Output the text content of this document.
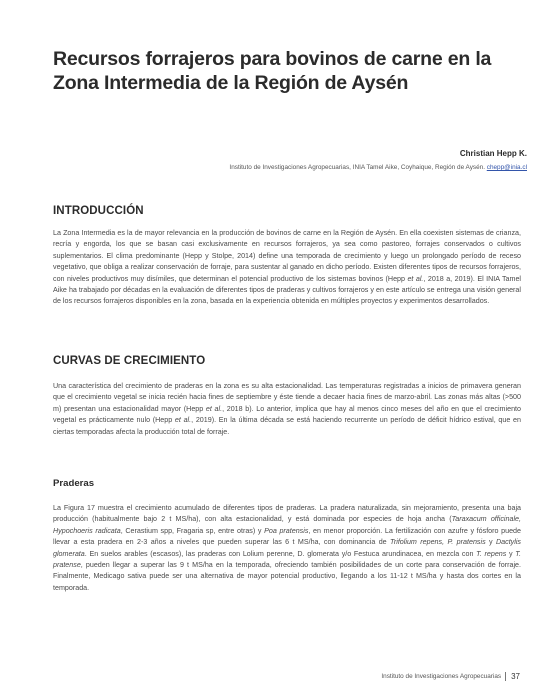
Recursos forrajeros para bovinos de carne en la Zona Intermedia de la Región de Aysén
Christian Hepp K.
Instituto de Investigaciones Agropecuarias, INIA Tamel Aike, Coyhaique, Región de Aysén. chepp@inia.cl
INTRODUCCIÓN

La Zona Intermedia es la de mayor relevancia en la producción de bovinos de carne en la Región de Aysén. En ella coexisten sistemas de crianza, recría y engorda, los que se basan casi exclusivamente en recursos forrajeros, ya sea como pastoreo, forrajes conservados o cultivos suplementarios. El clima predominante (Hepp y Stolpe, 2014) define una temporada de crecimiento y luego un prolongado período de receso vegetativo, que obliga a realizar conservación de forraje, para sustentar al ganado en dicho período. Existen diferentes tipos de recursos forrajeros, con niveles productivos muy disímiles, que determinan el potencial productivo de los sistemas bovinos (Hepp et al., 2018 a, 2019). El INIA Tamel Aike ha trabajado por décadas en la evaluación de diferentes tipos de praderas y cultivos forrajeros y en este artículo se entrega una visión general de los recursos forrajeros disponibles en la zona, basada en la experiencia obtenida en múltiples proyectos y experimentos desarrollados.

CURVAS DE CRECIMIENTO

Una característica del crecimiento de praderas en la zona es su alta estacionalidad. Las temperaturas registradas a inicios de primavera generan que el crecimiento vegetal se inicia recién hacia fines de septiembre y éste tiende a decaer hacia fines de marzo-abril. Las zonas más altas (>500 m) presentan una estacionalidad mayor (Hepp et al., 2018 b). Lo anterior, implica que hay al menos cinco meses del año en que el crecimiento vegetal es prácticamente nulo (Hepp et al., 2019). En la última década se está haciendo recurrente un período de déficit hídrico estival, que en ciertas temporadas afecta la producción total de forraje.

Praderas

La Figura 17 muestra el crecimiento acumulado de diferentes tipos de praderas. La pradera naturalizada, sin mejoramiento, presenta una baja producción (habitualmente bajo 2 t MS/ha), con alta estacionalidad, y está dominada por especies de hoja ancha (Taraxacum officinale, Hypochoeris radicata, Cerastium spp, Fragaria sp, entre otras) y Poa pratensis, en menor proporción. La fertilización con azufre y fósforo puede llevar a esta pradera en 2-3 años a niveles que pueden superar las 6 t MS/ha, con dominancia de Trifolium repens, P. pratensis y Dactylis glomerata. En suelos arables (escasos), las praderas con Lolium perenne, D. glomerata y/o Festuca arundinacea, en mezcla con T. repens y T. pratense, pueden llegar a superar las 9 t MS/ha en la temporada, ofreciendo también posibilidades de un corte para conservación de forraje. Finalmente, Medicago sativa puede ser una alternativa de mayor potencial productivo, llegando a los 11-12 t MS/ha y hasta dos cortes en la temporada.

Instituto de Investigaciones Agropecuarias 37
